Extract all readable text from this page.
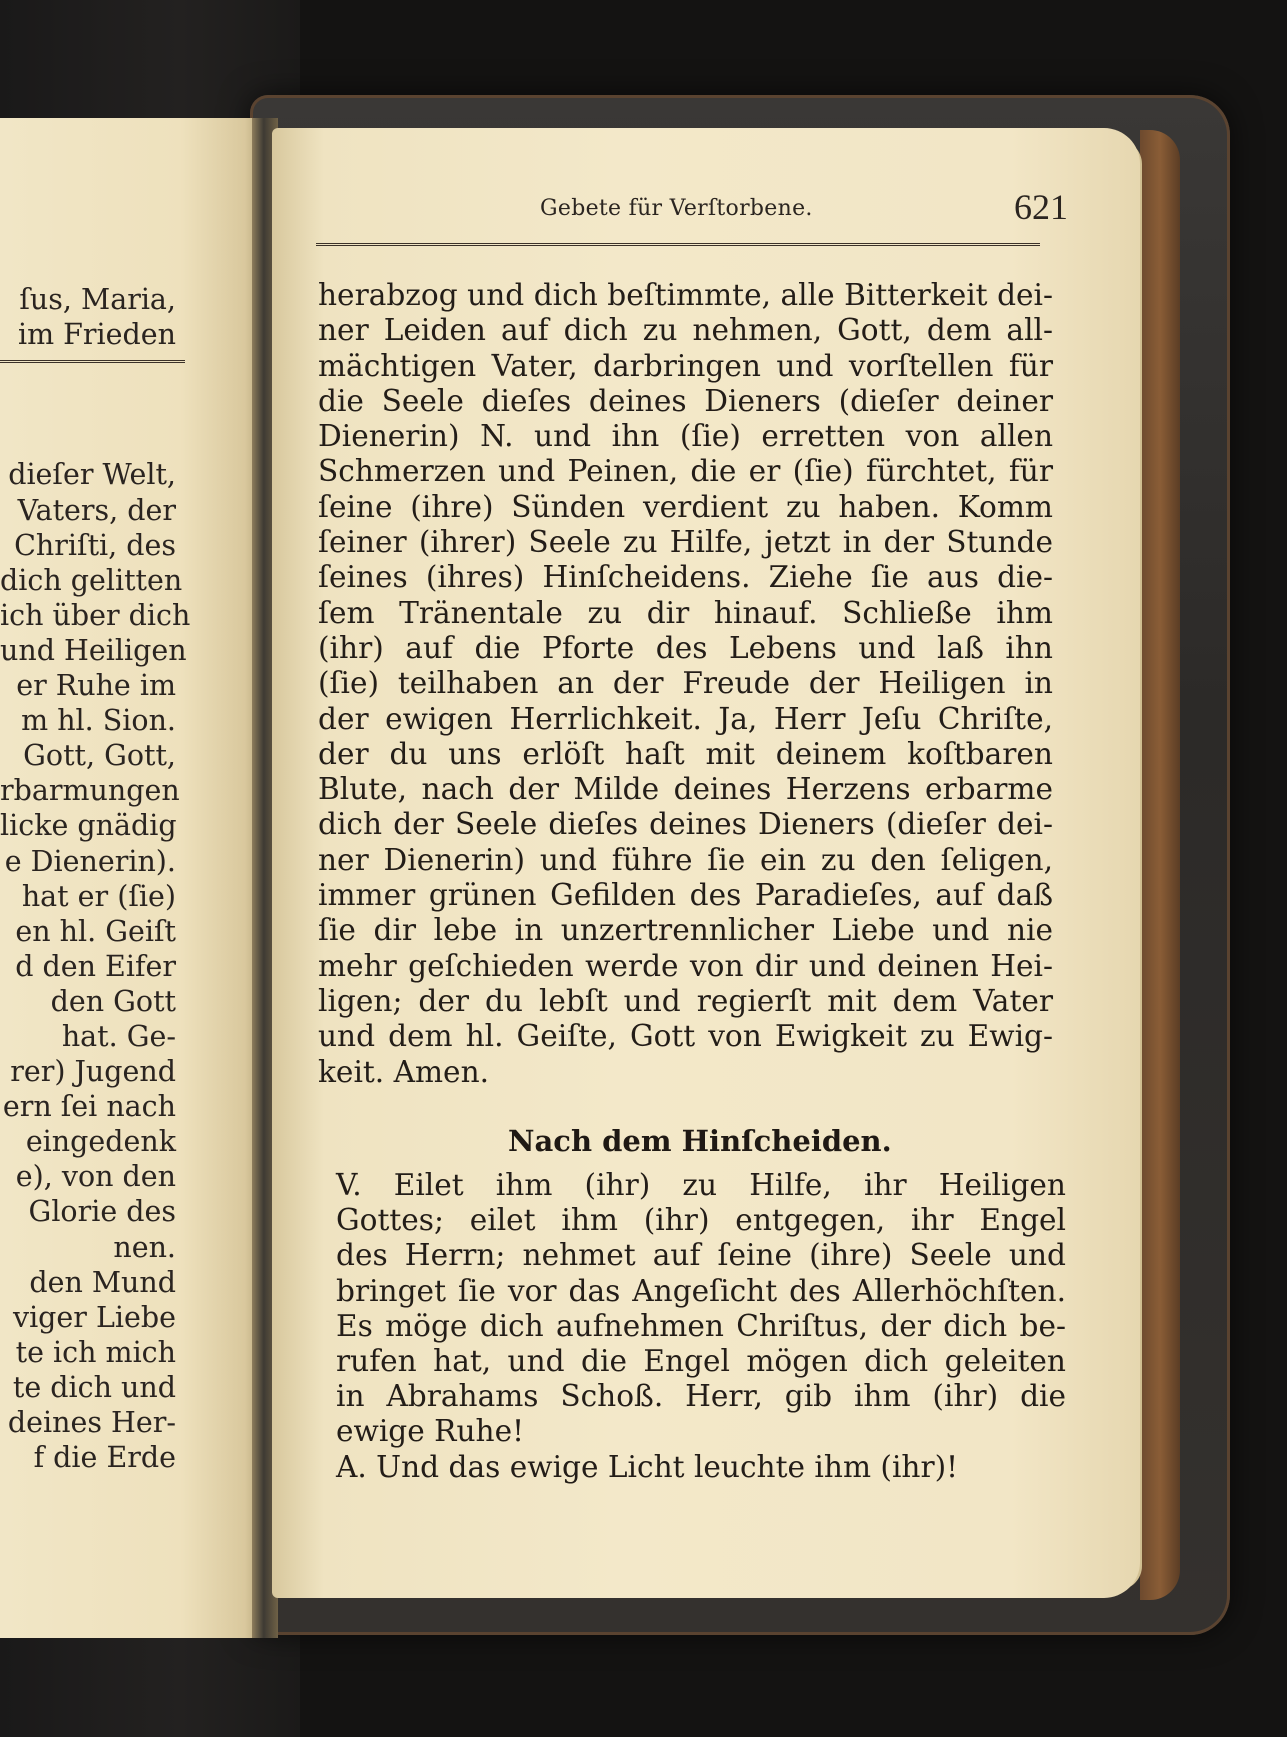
ſus, Maria,
im Frieden

dieſer Welt,
Vaters, der
Chriſti, des
dich gelitten
ich über dich
und Heiligen
er Ruhe im
m hl. Sion.
Gott, Gott,
rbarmungen
licke gnädig
e Dienerin).
hat er (ſie)
en hl. Geiſt
d den Eifer
den Gott
hat. Ge-
rer) Jugend
ern ſei nach
eingedenk
e), von den
Glorie des
nen.
den Mund
viger Liebe
te ich mich
te dich und
deines Her-
f die Erde
Gebete für Verſtorbene.	621
herabzog und dich beſtimmte, alle Bitterkeit dei-
ner Leiden auf dich zu nehmen, Gott, dem all-
mächtigen Vater, darbringen und vorſtellen für
die Seele dieſes deines Dieners (dieſer deiner
Dienerin) N. und ihn (ſie) erretten von allen
Schmerzen und Peinen, die er (ſie) fürchtet, für
ſeine (ihre) Sünden verdient zu haben. Komm
ſeiner (ihrer) Seele zu Hilfe, jetzt in der Stunde
ſeines (ihres) Hinſcheidens. Ziehe ſie aus die-
ſem Tränentale zu dir hinauf. Schließe ihm
(ihr) auf die Pforte des Lebens und laß ihn
(ſie) teilhaben an der Freude der Heiligen in
der ewigen Herrlichkeit. Ja, Herr Jeſu Chriſte,
der du uns erlöſt haſt mit deinem koſtbaren
Blute, nach der Milde deines Herzens erbarme
dich der Seele dieſes deines Dieners (dieſer dei-
ner Dienerin) und führe ſie ein zu den ſeligen,
immer grünen Gefilden des Paradieſes, auf daß
ſie dir lebe in unzertrennlicher Liebe und nie
mehr geſchieden werde von dir und deinen Hei-
ligen; der du lebſt und regierſt mit dem Vater
und dem hl. Geiſte, Gott von Ewigkeit zu Ewig-
keit. Amen.
Nach dem Hinſcheiden.
V. Eilet ihm (ihr) zu Hilfe, ihr Heiligen
Gottes; eilet ihm (ihr) entgegen, ihr Engel
des Herrn; nehmet auf ſeine (ihre) Seele und
bringet ſie vor das Angeſicht des Allerhöchſten.
Es möge dich aufnehmen Chriſtus, der dich be-
rufen hat, und die Engel mögen dich geleiten
in Abrahams Schoß. Herr, gib ihm (ihr) die
ewige Ruhe!
A. Und das ewige Licht leuchte ihm (ihr)!
